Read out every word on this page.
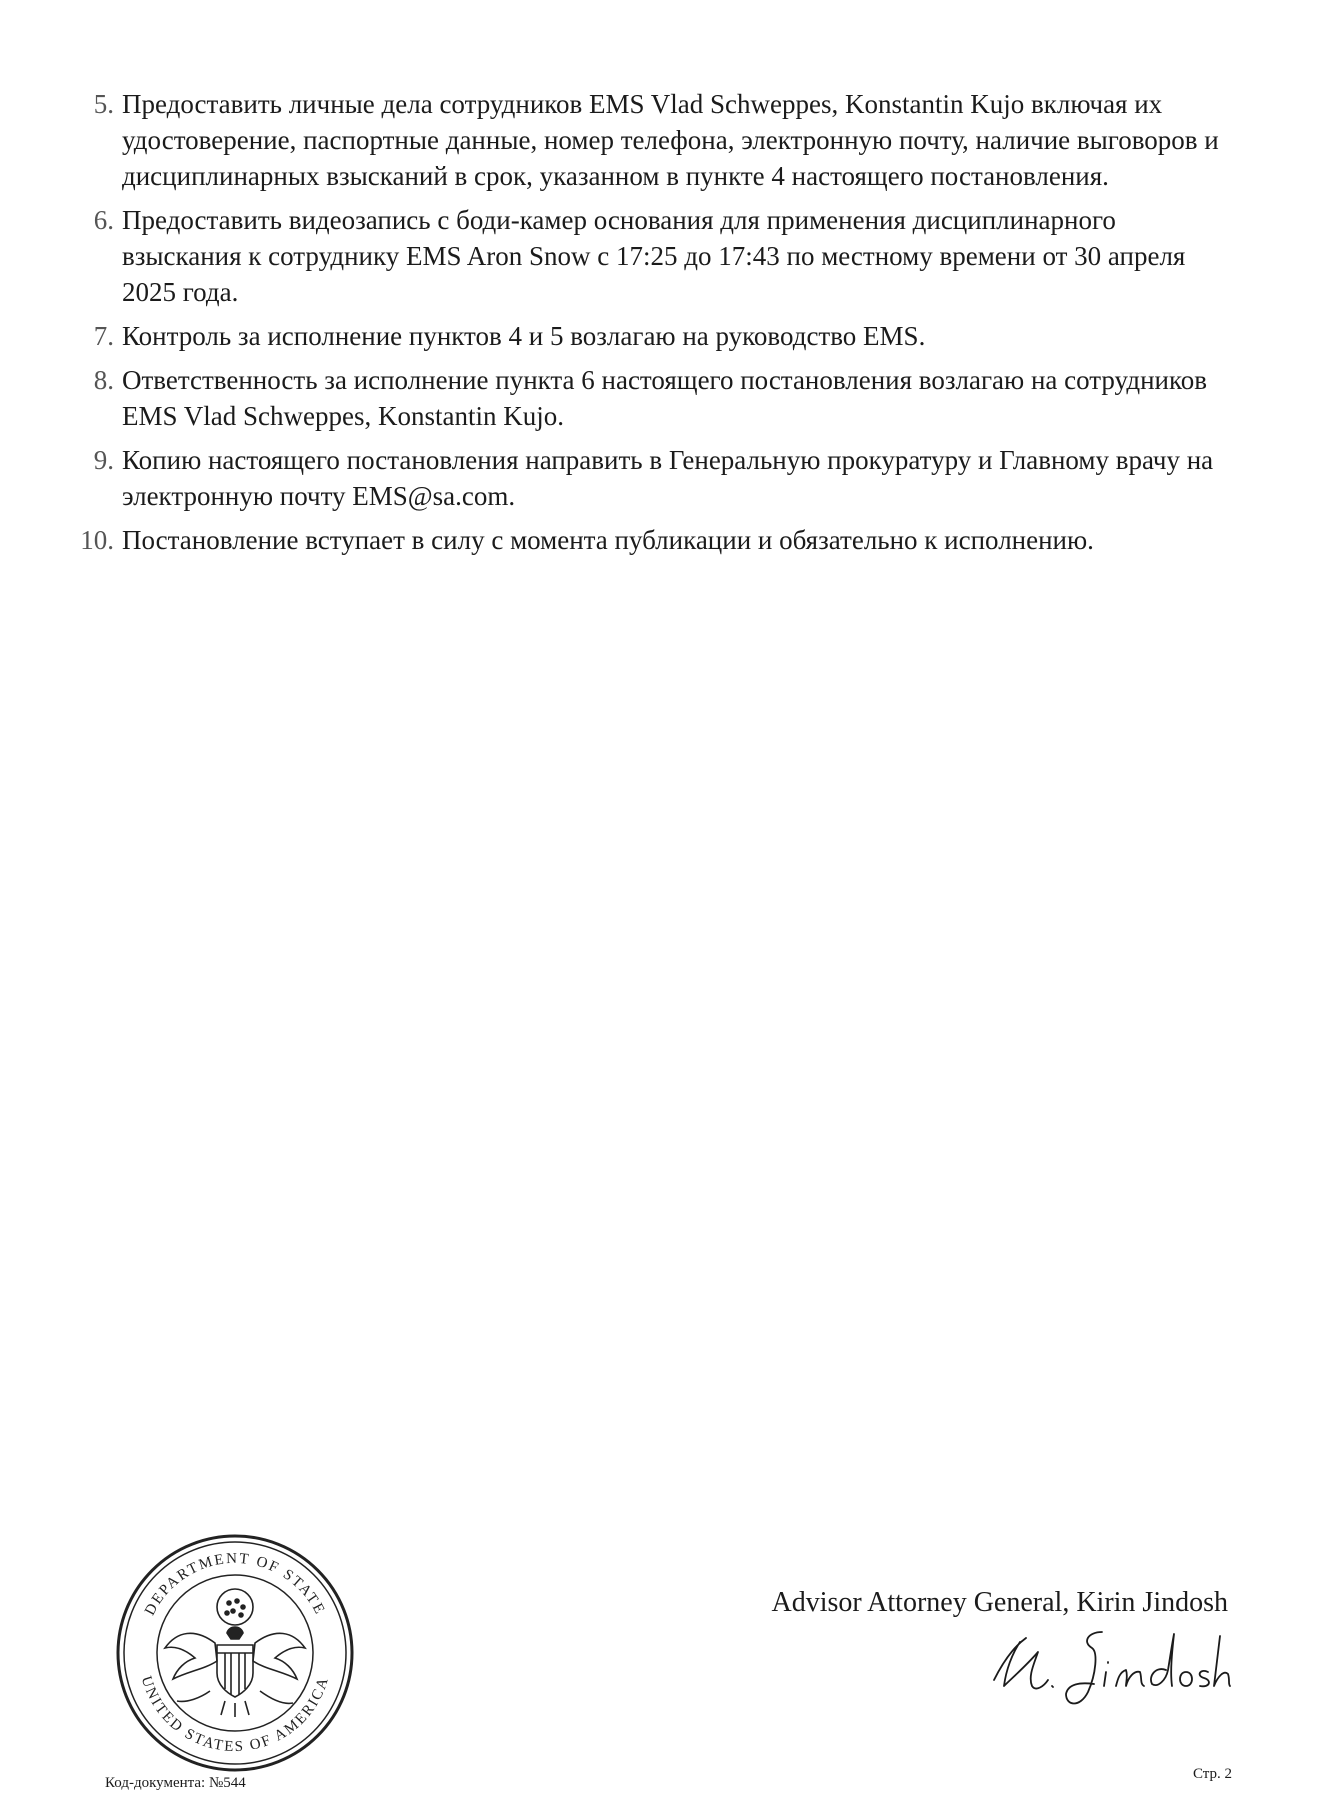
5. Предоставить личные дела сотрудников EMS Vlad Schweppes, Konstantin Kujo включая их удостоверение, паспортные данные, номер телефона, электронную почту, наличие выговоров и дисциплинарных взысканий в срок, указанном в пункте 4 настоящего постановления.
6. Предоставить видеозапись с боди-камер основания для применения дисциплинарного взыскания к сотруднику EMS Aron Snow с 17:25 до 17:43 по местному времени от 30 апреля 2025 года.
7. Контроль за исполнение пунктов 4 и 5 возлагаю на руководство EMS.
8. Ответственность за исполнение пункта 6 настоящего постановления возлагаю на сотрудников EMS Vlad Schweppes, Konstantin Kujo.
9. Копию настоящего постановления направить в Генеральную прокуратуру и Главному врачу на электронную почту EMS@sa.com.
10. Постановление вступает в силу с момента публикации и обязательно к исполнению.
DEPARTMENT OF STATE
UNITED STATES OF AMERICA
Advisor Attorney General, Kirin Jindosh
Код-документа: №544
Стр. 2
